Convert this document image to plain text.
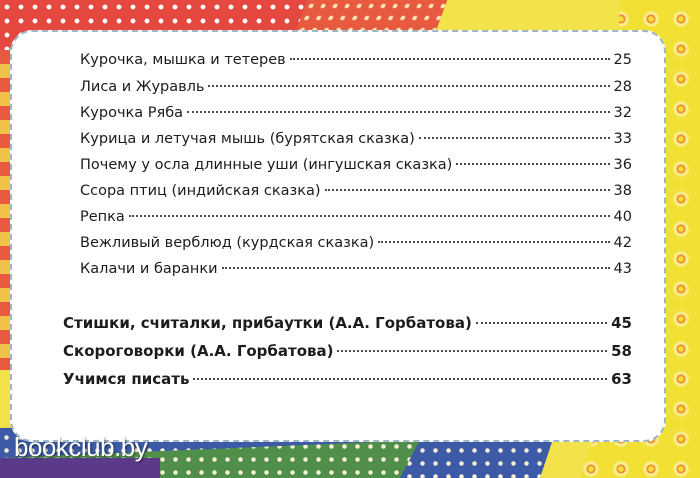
Курочка, мышка и тетерев	25
Лиса и Журавль	28
Курочка Ряба	32
Курица и летучая мышь (бурятская сказка)	33
Почему у осла длинные уши (ингушская сказка)	36
Ссора птиц (индийская сказка)	38
Репка	40
Вежливый верблюд (курдская сказка)	42
Калачи и баранки	43
Стишки, считалки, прибаутки (А.А. Горбатова)	45
Скороговорки (А.А. Горбатова)	58
Учимся писать	63
bookclub.by
